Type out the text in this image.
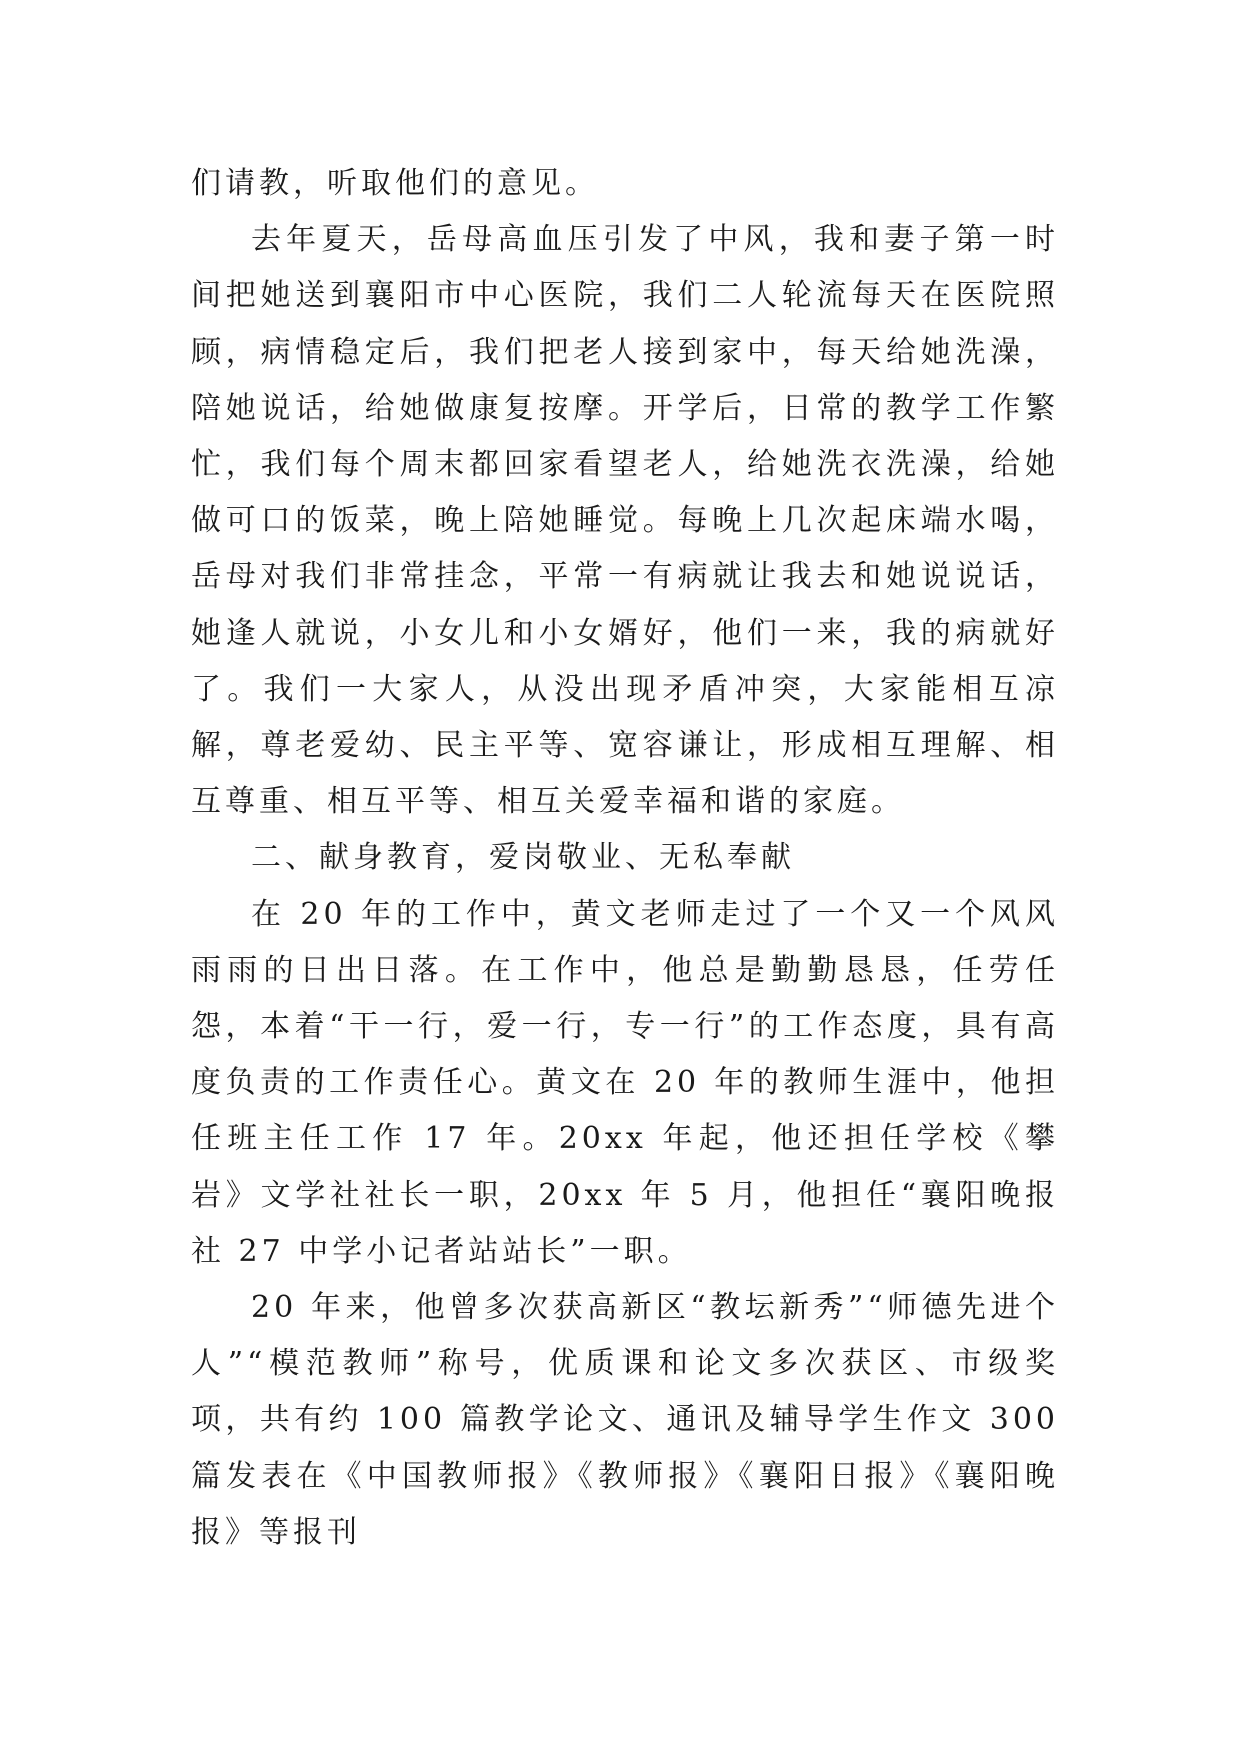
们请教，听取他们的意见。

去年夏天，岳母高血压引发了中风，我和妻子第一时间把她送到襄阳市中心医院，我们二人轮流每天在医院照顾，病情稳定后，我们把老人接到家中，每天给她洗澡，陪她说话，给她做康复按摩。开学后，日常的教学工作繁忙，我们每个周末都回家看望老人，给她洗衣洗澡，给她做可口的饭菜，晚上陪她睡觉。每晚上几次起床端水喝，岳母对我们非常挂念，平常一有病就让我去和她说说话，她逢人就说，小女儿和小女婿好，他们一来，我的病就好了。我们一大家人，从没出现矛盾冲突，大家能相互凉解，尊老爱幼、民主平等、宽容谦让，形成相互理解、相互尊重、相互平等、相互关爱幸福和谐的家庭。

二、献身教育，爱岗敬业、无私奉献

在 20 年的工作中，黄文老师走过了一个又一个风风雨雨的日出日落。在工作中，他总是勤勤恳恳，任劳任怨，本着“干一行，爱一行，专一行”的工作态度，具有高度负责的工作责任心。黄文在 20 年的教师生涯中，他担任班主任工作 17 年。20xx 年起，他还担任学校《攀岩》文学社社长一职，20xx 年 5 月，他担任“襄阳晚报社 27 中学小记者站站长”一职。

20 年来，他曾多次获高新区“教坛新秀”“师德先进个人”“模范教师”称号，优质课和论文多次获区、市级奖项，共有约 100 篇教学论文、通讯及辅导学生作文 300 篇发表在《中国教师报》《教师报》《襄阳日报》《襄阳晚报》等报刊
